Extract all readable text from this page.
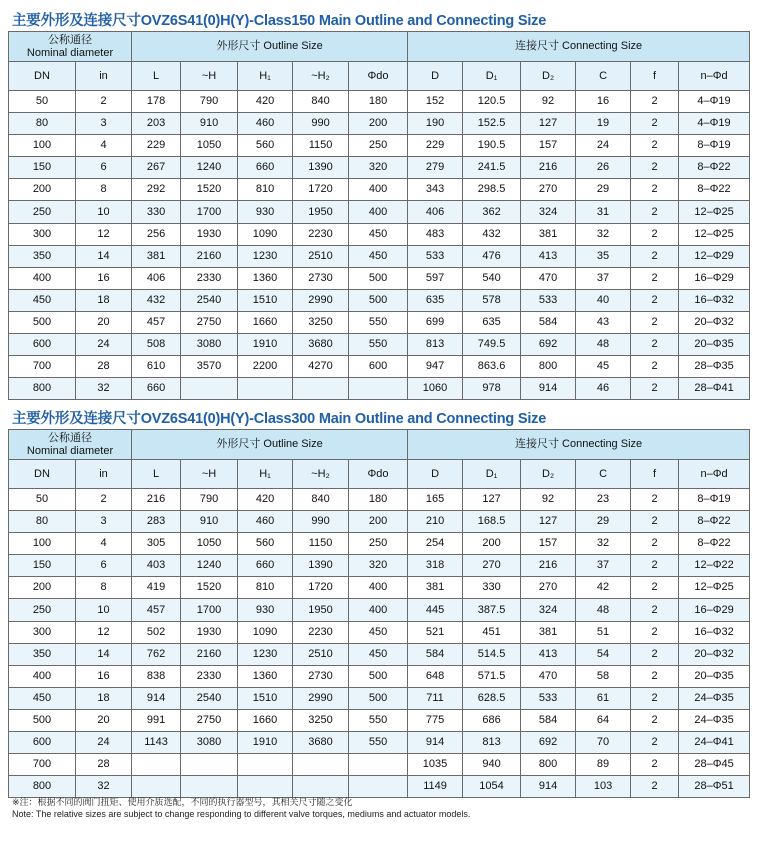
主要外形及连接尺寸OVZ6S41(0)H(Y)-Class150 Main Outline and Connecting Size
公称通径
Nominal diameter		外形尺寸 Outline Size					连接尺寸 Connecting Size					
DN	in	L	~H	H₁	~H₂	Φdo	D	D₁	D₂	C	f	n–Φd
50	2	178	790	420	840	180	152	120.5	92	16	2	4–Φ19
80	3	203	910	460	990	200	190	152.5	127	19	2	4–Φ19
100	4	229	1050	560	1150	250	229	190.5	157	24	2	8–Φ19
150	6	267	1240	660	1390	320	279	241.5	216	26	2	8–Φ22
200	8	292	1520	810	1720	400	343	298.5	270	29	2	8–Φ22
250	10	330	1700	930	1950	400	406	362	324	31	2	12–Φ25
300	12	256	1930	1090	2230	450	483	432	381	32	2	12–Φ25
350	14	381	2160	1230	2510	450	533	476	413	35	2	12–Φ29
400	16	406	2330	1360	2730	500	597	540	470	37	2	16–Φ29
450	18	432	2540	1510	2990	500	635	578	533	40	2	16–Φ32
500	20	457	2750	1660	3250	550	699	635	584	43	2	20–Φ32
600	24	508	3080	1910	3680	550	813	749.5	692	48	2	20–Φ35
700	28	610	3570	2200	4270	600	947	863.6	800	45	2	28–Φ35
800	32	660					1060	978	914	46	2	28–Φ41
主要外形及连接尺寸OVZ6S41(0)H(Y)-Class300 Main Outline and Connecting Size
公称通径
Nominal diameter		外形尺寸 Outline Size					连接尺寸 Connecting Size					
DN	in	L	~H	H₁	~H₂	Φdo	D	D₁	D₂	C	f	n–Φd
50	2	216	790	420	840	180	165	127	92	23	2	8–Φ19
80	3	283	910	460	990	200	210	168.5	127	29	2	8–Φ22
100	4	305	1050	560	1150	250	254	200	157	32	2	8–Φ22
150	6	403	1240	660	1390	320	318	270	216	37	2	12–Φ22
200	8	419	1520	810	1720	400	381	330	270	42	2	12–Φ25
250	10	457	1700	930	1950	400	445	387.5	324	48	2	16–Φ29
300	12	502	1930	1090	2230	450	521	451	381	51	2	16–Φ32
350	14	762	2160	1230	2510	450	584	514.5	413	54	2	20–Φ32
400	16	838	2330	1360	2730	500	648	571.5	470	58	2	20–Φ35
450	18	914	2540	1510	2990	500	711	628.5	533	61	2	24–Φ35
500	20	991	2750	1660	3250	550	775	686	584	64	2	24–Φ35
600	24	1143	3080	1910	3680	550	914	813	692	70	2	24–Φ41
700	28						1035	940	800	89	2	28–Φ45
800	32						1149	1054	914	103	2	28–Φ51
※注：根据不同的阀门扭矩、使用介质选配，不同的执行器型号，其相关尺寸随之变化
Note: The relative sizes are subject to change responding to different valve torques, mediums and actuator models.
